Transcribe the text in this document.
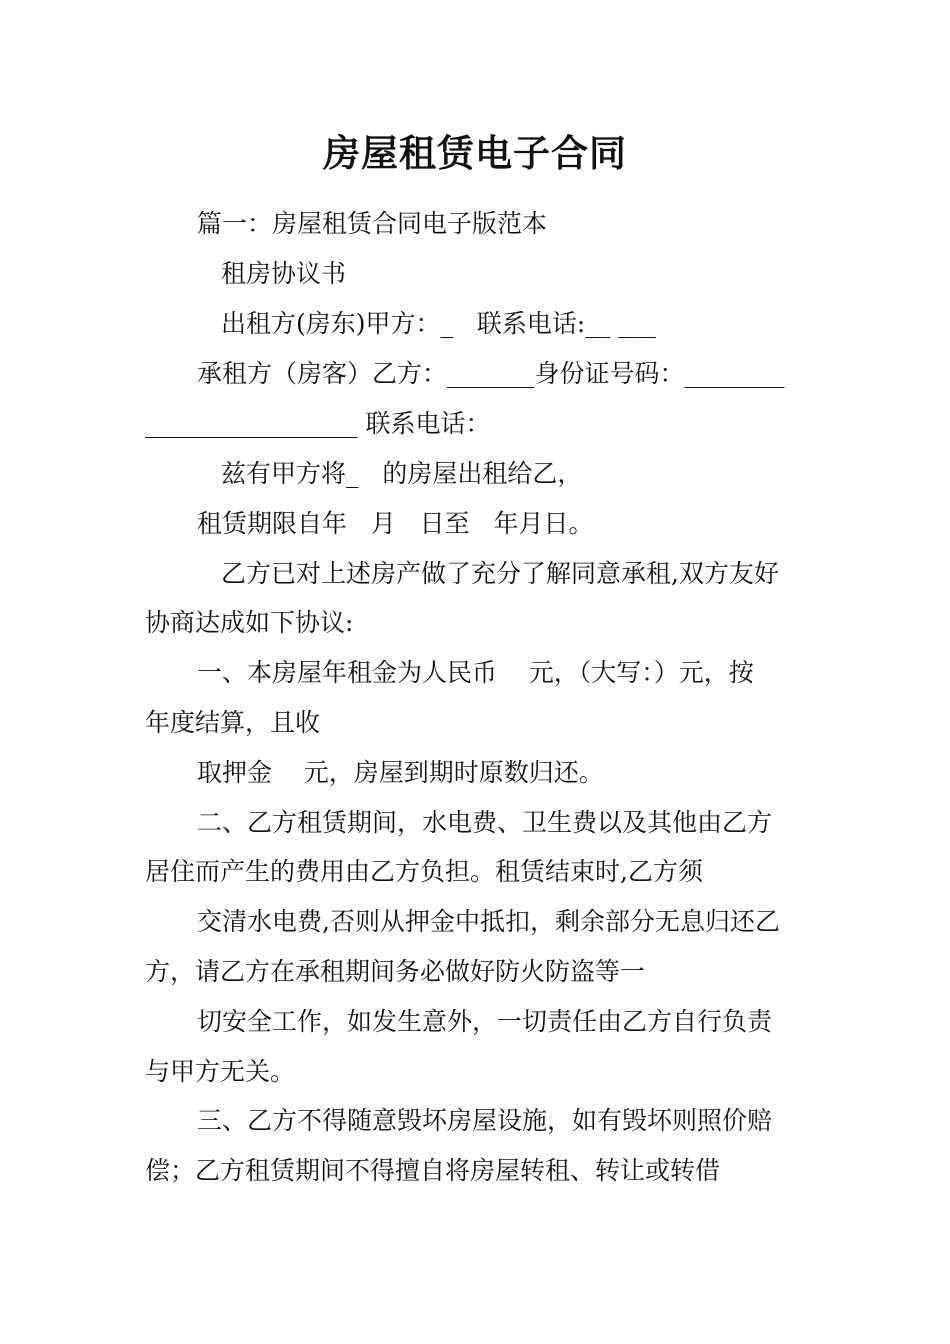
房屋租赁电子合同
篇一：房屋租赁合同电子版范本
租房协议书
出租方(房东)甲方：_   联系电话:__ ___
承租方（房客）乙方：_______身份证号码：________
_________________ 联系电话：
兹有甲方将_   的房屋出租给乙，
租赁期限自年   月   日至   年月日。
乙方已对上述房产做了充分了解同意承租,双方友好
协商达成如下协议:
一、本房屋年租金为人民币    元，（大写：）元，按
年度结算，且收
取押金    元，房屋到期时原数归还。
二、乙方租赁期间，水电费、卫生费以及其他由乙方
居住而产生的费用由乙方负担。租赁结束时,乙方须
交清水电费,否则从押金中抵扣，剩余部分无息归还乙
方，请乙方在承租期间务必做好防火防盗等一
切安全工作，如发生意外，一切责任由乙方自行负责
与甲方无关。
三、乙方不得随意毁坏房屋设施，如有毁坏则照价赔
偿；乙方租赁期间不得擅自将房屋转租、转让或转借
